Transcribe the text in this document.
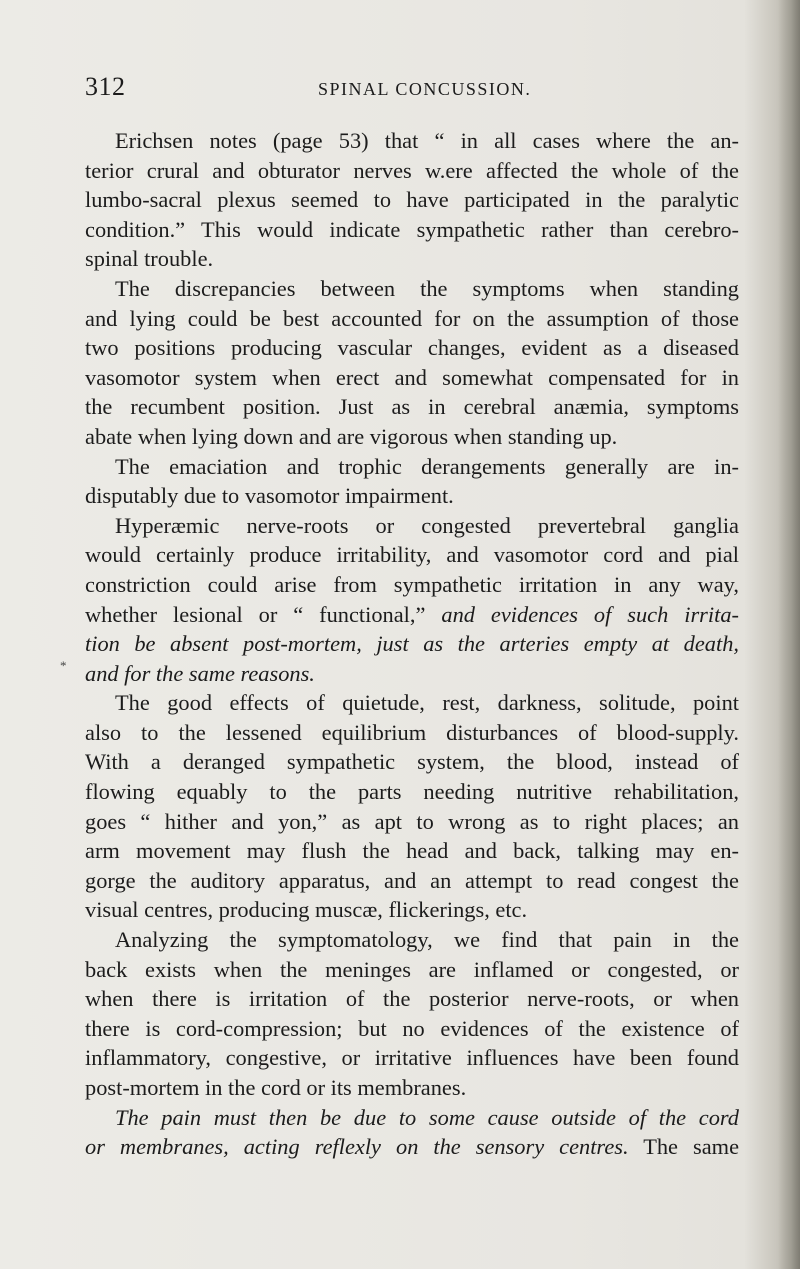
312	SPINAL CONCUSSION.
*
Erichsen notes (page 53) that “ in all cases where the an-
terior crural and obturator nerves w.ere affected the whole of the
lumbo-sacral plexus seemed to have participated in the paralytic
condition.” This would indicate sympathetic rather than cerebro-
spinal trouble.
The discrepancies between the symptoms when standing
and lying could be best accounted for on the assumption of those
two positions producing vascular changes, evident as a diseased
vasomotor system when erect and somewhat compensated for in
the recumbent position. Just as in cerebral anæmia, symptoms
abate when lying down and are vigorous when standing up.
The emaciation and trophic derangements generally are in-
disputably due to vasomotor impairment.
Hyperæmic nerve-roots or congested prevertebral ganglia
would certainly produce irritability, and vasomotor cord and pial
constriction could arise from sympathetic irritation in any way,
whether lesional or “ functional,” and evidences of such irrita-
tion be absent post-mortem, just as the arteries empty at death,
and for the same reasons.
The good effects of quietude, rest, darkness, solitude, point
also to the lessened equilibrium disturbances of blood-supply.
With a deranged sympathetic system, the blood, instead of
flowing equably to the parts needing nutritive rehabilitation,
goes “ hither and yon,” as apt to wrong as to right places; an
arm movement may flush the head and back, talking may en-
gorge the auditory apparatus, and an attempt to read congest the
visual centres, producing muscæ, flickerings, etc.
Analyzing the symptomatology, we find that pain in the
back exists when the meninges are inflamed or congested, or
when there is irritation of the posterior nerve-roots, or when
there is cord-compression; but no evidences of the existence of
inflammatory, congestive, or irritative influences have been found
post-mortem in the cord or its membranes.
The pain must then be due to some cause outside of the cord
or membranes, acting reflexly on the sensory centres. The same
